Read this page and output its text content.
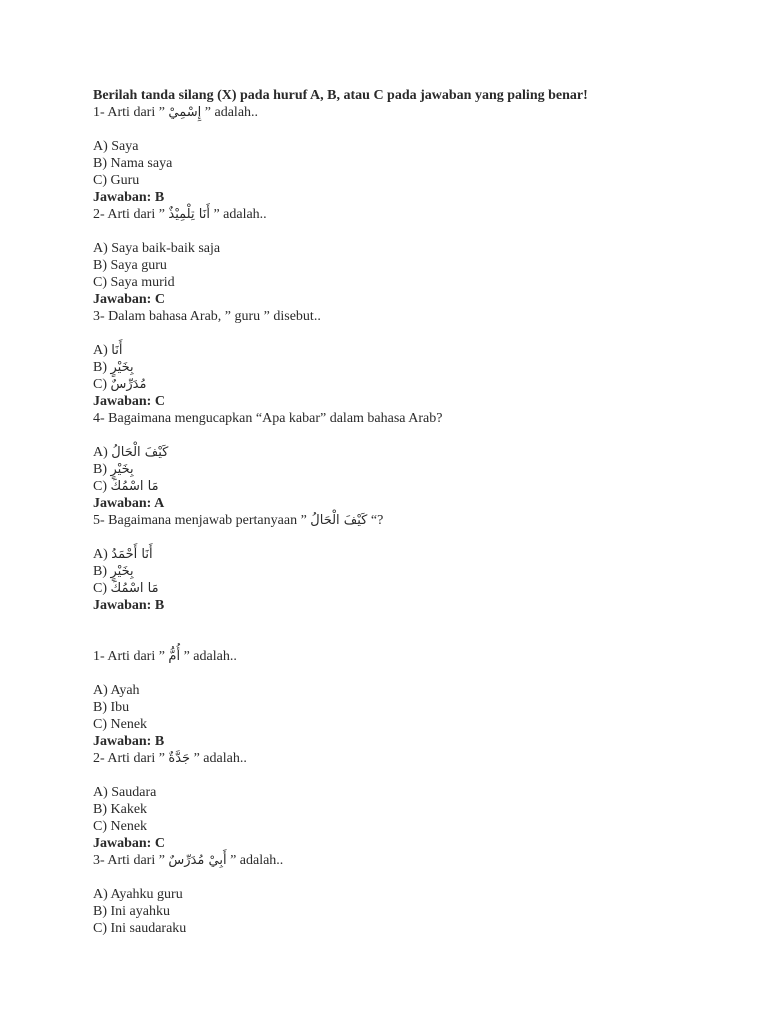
Berilah tanda silang (X) pada huruf A, B, atau C pada jawaban yang paling benar!
1- Arti dari ” إِسْمِيْ ” adalah..
A) Saya
B) Nama saya
C) Guru
Jawaban: B
2- Arti dari ” أَنَا تِلْمِيْذٌ ” adalah..
A) Saya baik-baik saja
B) Saya guru
C) Saya murid
Jawaban: C
3- Dalam bahasa Arab, ” guru ” disebut..
A) أَنَا
B) بِخَيْرٍ
C) مُدَرِّسٌ
Jawaban: C
4- Bagaimana mengucapkan “Apa kabar” dalam bahasa Arab?
A) كَيْفَ الْحَالُ
B) بِخَيْرٍ
C) مَا اسْمُكَ
Jawaban: A
5- Bagaimana menjawab pertanyaan ” كَيْفَ الْحَالُ “?
A) أَنَا أَحْمَدُ
B) بِخَيْرٍ
C) مَا اسْمُكَ
Jawaban: B
1- Arti dari ” أُمُّ ” adalah..
A) Ayah
B) Ibu
C) Nenek
Jawaban: B
2- Arti dari ” جَدَّةٌ ” adalah..
A) Saudara
B) Kakek
C) Nenek
Jawaban: C
3- Arti dari ” أَبِيْ مُدَرِّسٌ ” adalah..
A) Ayahku guru
B) Ini ayahku
C) Ini saudaraku
